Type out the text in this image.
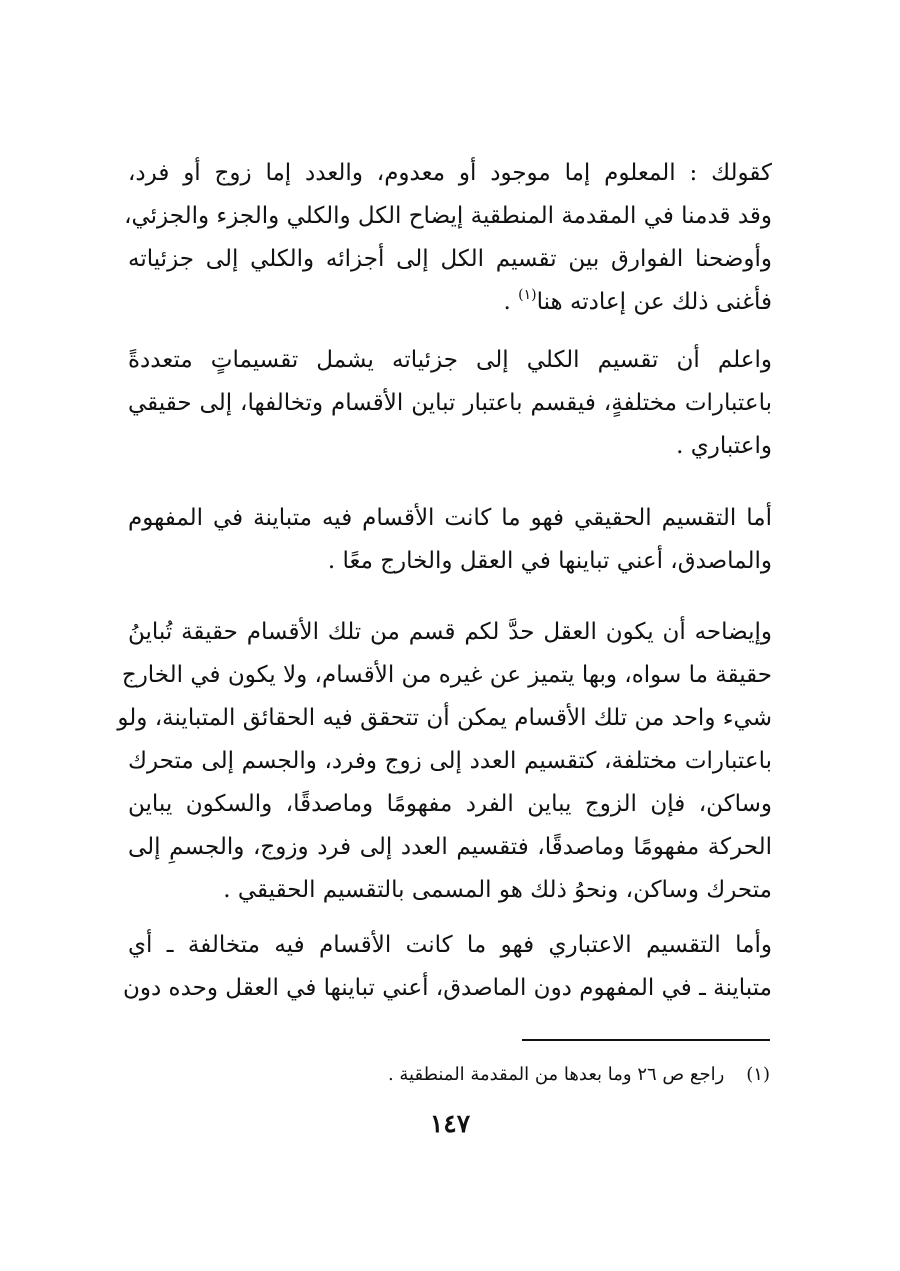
كقولك : المعلوم إما موجود أو معدوم، والعدد إما زوج أو فرد،
وقد قدمنا في المقدمة المنطقية إيضاح الكل والكلي والجزء والجزئي،
وأوضحنا الفوارق بين تقسيم الكل إلى أجزائه والكلي إلى جزئياته
فأغنى ذلك عن إعادته هنا$^{(١)}$ .
واعلم أن تقسيم الكلي إلى جزئياته يشمل تقسيماتٍ متعددةً
باعتبارات مختلفةٍ، فيقسم باعتبار تباين الأقسام وتخالفها، إلى حقيقي
واعتباري .
أما التقسيم الحقيقي فهو ما كانت الأقسام فيه متباينة في المفهوم
والماصدق، أعني تباينها في العقل والخارج معًا .
وإيضاحه أن يكون العقل حدَّ لكم قسم من تلك الأقسام حقيقة تُباينُ
حقيقة ما سواه، وبها يتميز عن غيره من الأقسام، ولا يكون في الخارج
شيء واحد من تلك الأقسام يمكن أن تتحقق فيه الحقائق المتباينة، ولو
باعتبارات مختلفة، كتقسيم العدد إلى زوج وفرد، والجسم إلى متحرك
وساكن، فإن الزوج يباين الفرد مفهومًا وماصدقًا، والسكون يباين
الحركة مفهومًا وماصدقًا، فتقسيم العدد إلى فرد وزوج، والجسمِ إلى
متحرك وساكن، ونحوُ ذلك هو المسمى بالتقسيم الحقيقي .
وأما التقسيم الاعتباري فهو ما كانت الأقسام فيه متخالفة ـ أي
متباينة ـ في المفهوم دون الماصدق، أعني تباينها في العقل وحده دون
(١)راجع ص ٢٦ وما بعدها من المقدمة المنطقية .
١٤٧
